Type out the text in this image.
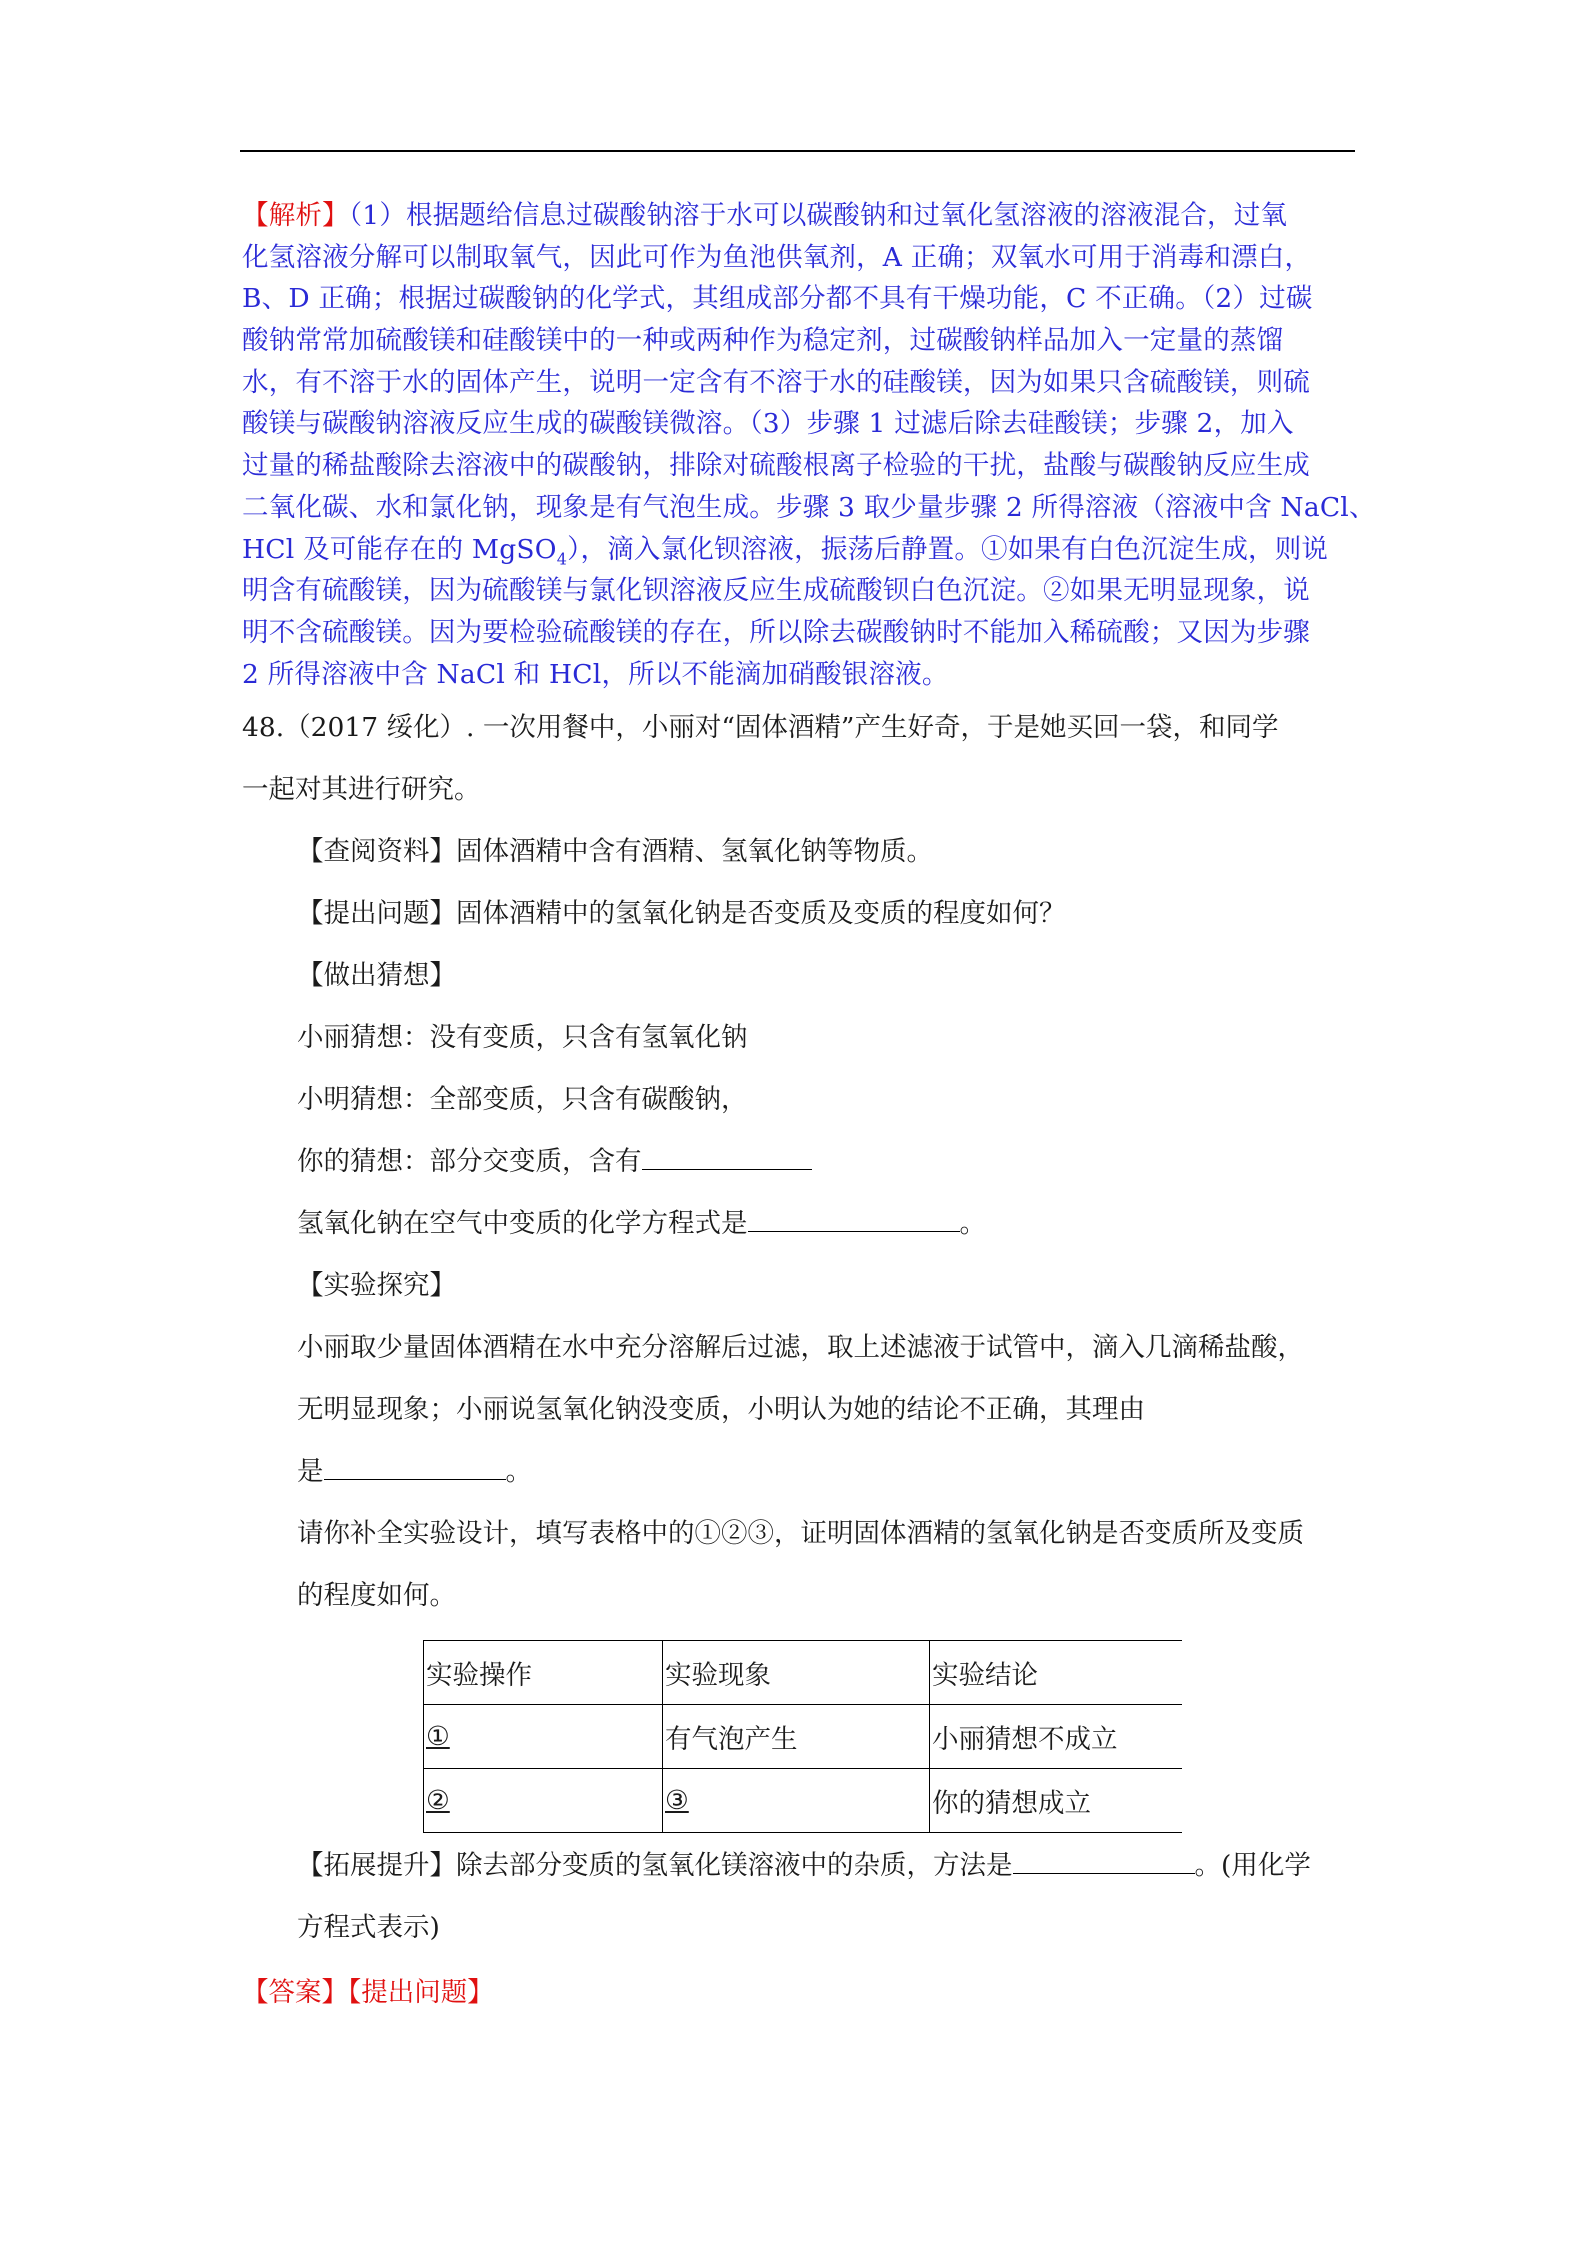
【解析】（1）根据题给信息过碳酸钠溶于水可以碳酸钠和过氧化氢溶液的溶液混合，过氧
化氢溶液分解可以制取氧气，因此可作为鱼池供氧剂，A 正确；双氧水可用于消毒和漂白，
B、D 正确；根据过碳酸钠的化学式，其组成部分都不具有干燥功能，C 不正确。（2）过碳
酸钠常常加硫酸镁和硅酸镁中的一种或两种作为稳定剂，过碳酸钠样品加入一定量的蒸馏
水，有不溶于水的固体产生，说明一定含有不溶于水的硅酸镁，因为如果只含硫酸镁，则硫
酸镁与碳酸钠溶液反应生成的碳酸镁微溶。（3）步骤 1 过滤后除去硅酸镁；步骤 2，加入
过量的稀盐酸除去溶液中的碳酸钠，排除对硫酸根离子检验的干扰，盐酸与碳酸钠反应生成
二氧化碳、水和氯化钠，现象是有气泡生成。步骤 3 取少量步骤 2 所得溶液（溶液中含 NaCl、
HCl 及可能存在的 MgSO$_4$），滴入氯化钡溶液，振荡后静置。①如果有白色沉淀生成，则说
明含有硫酸镁，因为硫酸镁与氯化钡溶液反应生成硫酸钡白色沉淀。②如果无明显现象，说
明不含硫酸镁。因为要检验硫酸镁的存在，所以除去碳酸钠时不能加入稀硫酸；又因为步骤
2 所得溶液中含 NaCl 和 HCl，所以不能滴加硝酸银溶液。
48.（2017 绥化）. 一次用餐中，小丽对“固体酒精”产生好奇，于是她买回一袋，和同学
一起对其进行研究。
【查阅资料】固体酒精中含有酒精、氢氧化钠等物质。
【提出问题】固体酒精中的氢氧化钠是否变质及变质的程度如何？
【做出猜想】
小丽猜想：没有变质，只含有氢氧化钠
小明猜想：全部变质，只含有碳酸钠，
你的猜想：部分交变质，含有
氢氧化钠在空气中变质的化学方程式是	。
【实验探究】
小丽取少量固体酒精在水中充分溶解后过滤，取上述滤液于试管中，滴入几滴稀盐酸，
无明显现象；小丽说氢氧化钠没变质，小明认为她的结论不正确，其理由
是	。
请你补全实验设计，填写表格中的①②③，证明固体酒精的氢氧化钠是否变质所及变质
的程度如何。
【拓展提升】除去部分变质的氢氧化镁溶液中的杂质，方法是	。(用化学
方程式表示)
实验操作	实验现象	实验结论
①	有气泡产生	小丽猜想不成立
②	③	你的猜想成立
【答案】【提出问题】
